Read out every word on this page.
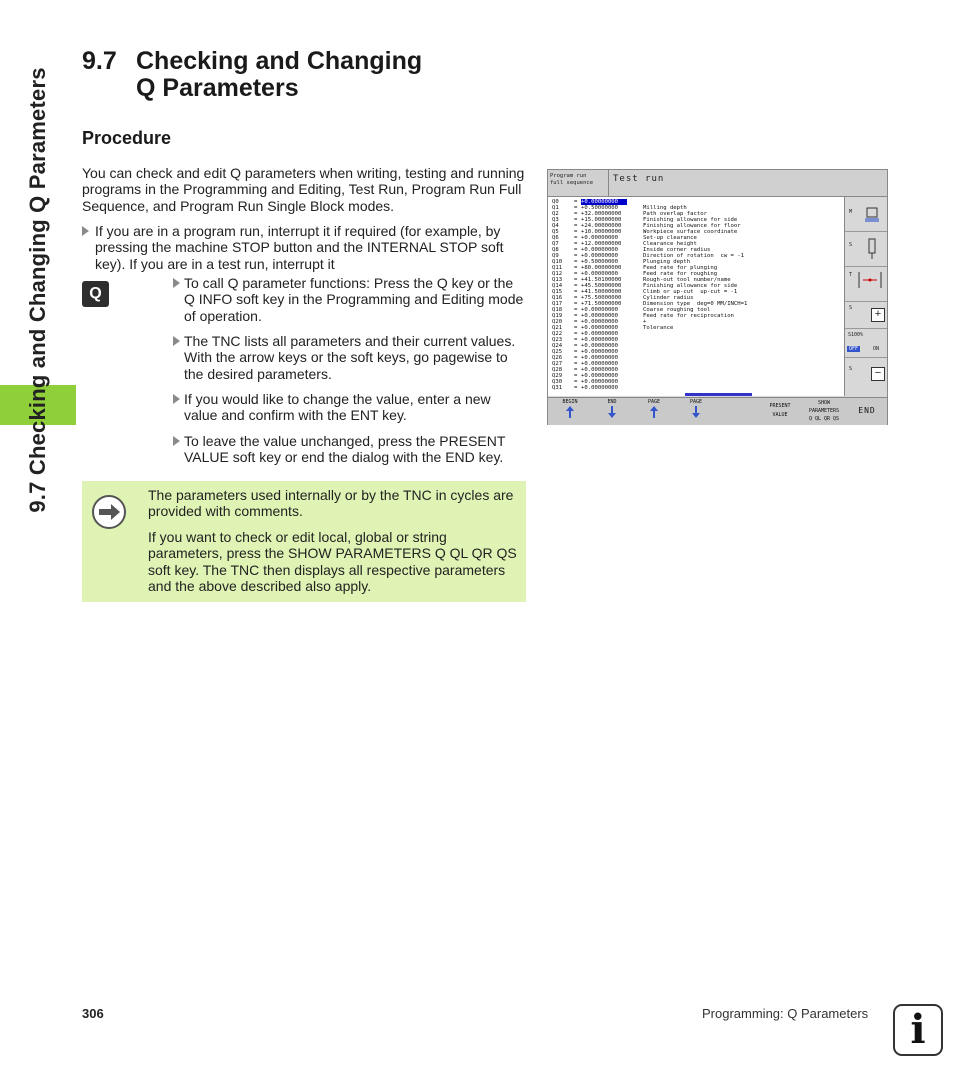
9.7 Checking and Changing Q Parameters
9.7 Checking and Changing
Q Parameters
Procedure
You can check and edit Q parameters when writing, testing and running programs in the Programming and Editing, Test Run, Program Run Full Sequence, and Program Run Single Block modes.
If you are in a program run, interrupt it if required (for example, by pressing the machine STOP button and the INTERNAL STOP soft key). If you are in a test run, interrupt it
Q
To call Q parameter functions: Press the Q key or the Q INFO soft key in the Programming and Editing mode of operation.
The TNC lists all parameters and their current values. With the arrow keys or the soft keys, go pagewise to the desired parameters.
If you would like to change the value, enter a new value and confirm with the ENT key.
To leave the value unchanged, press the PRESENT VALUE soft key or end the dialog with the END key.
The parameters used internally or by the TNC in cycles are provided with comments.
If you want to check or edit local, global or string parameters, press the SHOW PARAMETERS Q QL QR QS soft key. The TNC then displays all respective parameters and the above described also apply.
Program run
full sequence Test run
Q0	= +0.00000000
Q1	= +0.50000000	Milling depth
Q2	= +32.00000000	Path overlap factor
Q3	= +15.00000000	Finishing allowance for side
Q4	= +24.00000000	Finishing allowance for floor
Q5	= +10.00000000	Workpiece surface coordinate
Q6	= +0.00000000	Set-up clearance
Q7	= +12.00000000	Clearance height
Q8	= +0.00000000	Inside corner radius
Q9	= +0.00000000	Direction of rotation  cw = -1
Q10 = +0.50000000	Plunging depth
Q11 = +80.00000000	Feed rate for plunging
Q12 = +0.00000000	Feed rate for roughing
Q13 = +41.50100000	Rough-out tool number/name
Q14 = +45.50000000	Finishing allowance for side
Q15 = +41.50000000	Climb or up-cut  up-cut = -1
Q16 = +75.50000000	Cylinder radius
Q17 = +71.50000000	Dimension type  deg=0 MM/INCH=1
Q18 = +0.00000000	Coarse roughing tool
Q19 = +0.00000000	Feed rate for reciprocation
Q20 = +0.00000000	+
Q21 = +0.00000000	Tolerance
Q22 = +0.00000000
Q23 = +0.00000000
Q24 = +0.00000000
Q25 = +0.00000000
Q26 = +0.00000000
Q27 = +0.00000000
Q28 = +0.00000000
Q29 = +0.00000000
Q30 = +0.00000000
Q31 = +0.00000000
M
S
T
S	+
S100%
OFF	ON
S	−
BEGIN	END	PAGE	PAGE
PRESENT
VALUE
SHOW
PARAMETERS
Q QL QR QS
END
306	Programming: Q Parameters	i
